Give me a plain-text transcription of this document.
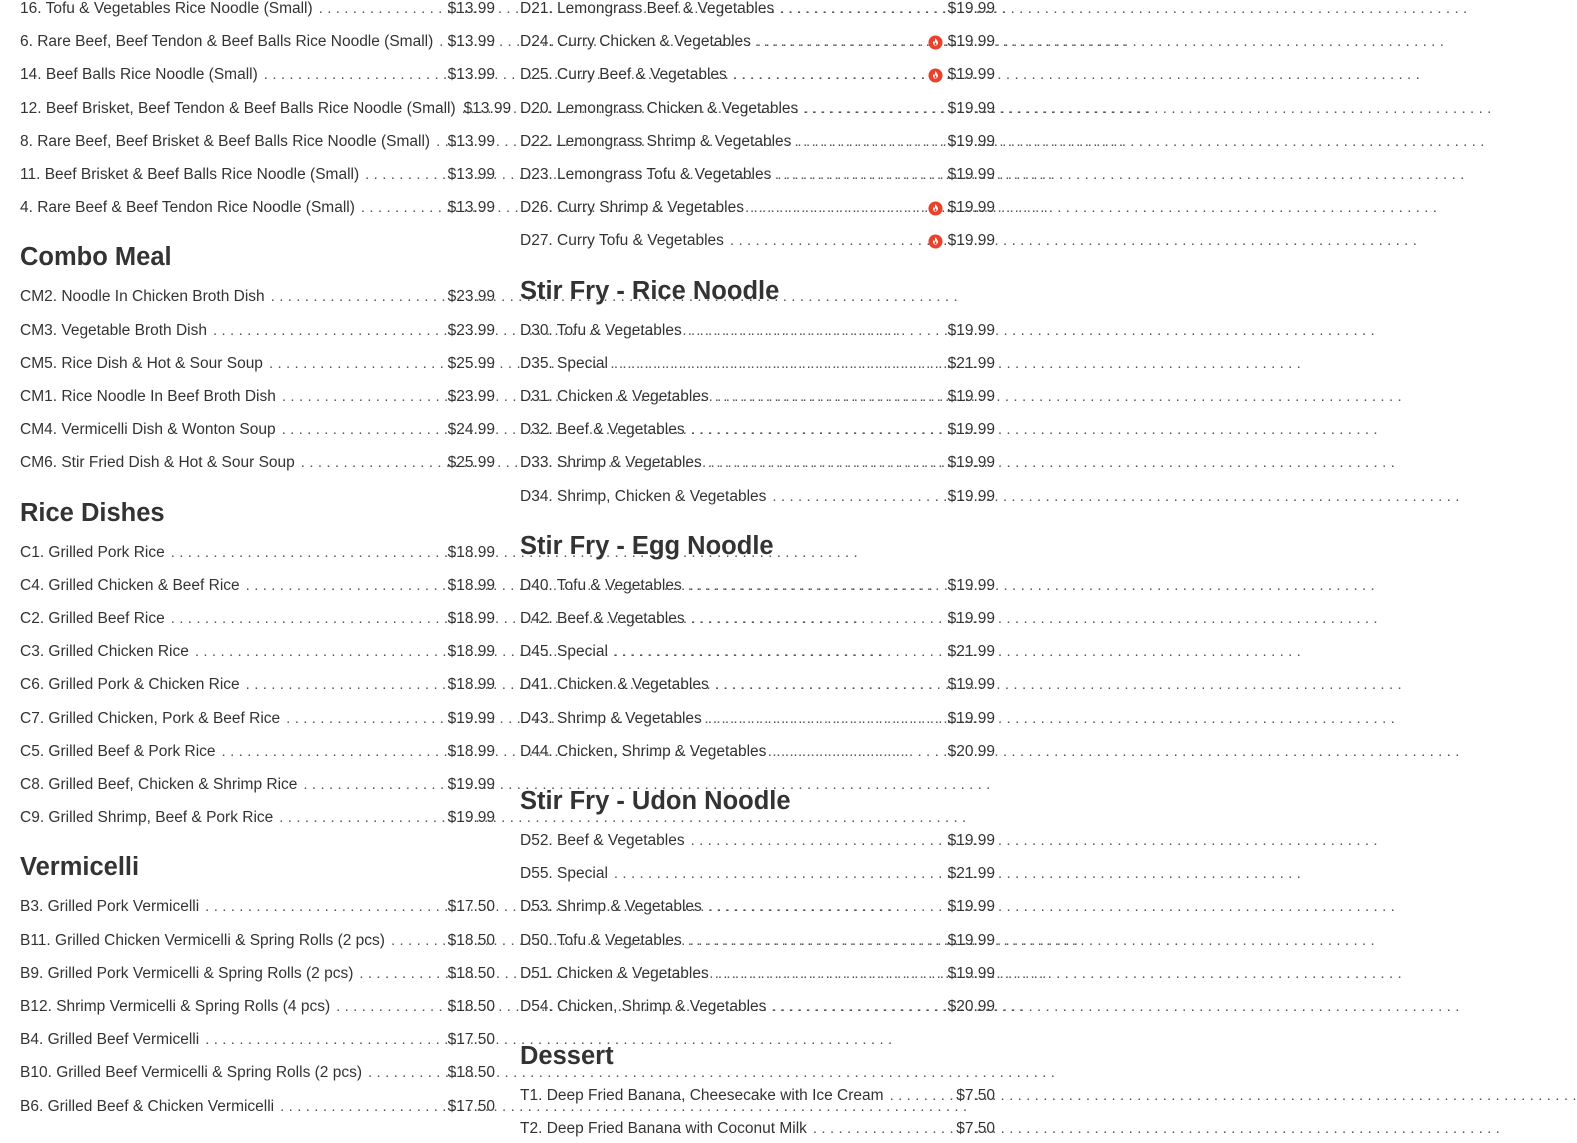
16. Tofu & Vegetables Rice Noodle (Small) . . .	$13.99
6. Rare Beef, Beef Tendon & Beef Balls Rice Noodle (Small) . . . $13.99
14. Beef Balls Rice Noodle (Small) . . .	$13.99
12. Beef Brisket, Beef Tendon & Beef Balls Rice Noodle (Small) $13.99
8. Rare Beef, Beef Brisket & Beef Balls Rice Noodle (Small) . . . $13.99
11. Beef Brisket & Beef Balls Rice Noodle (Small) . . .	$13.99
4. Rare Beef & Beef Tendon Rice Noodle (Small) . . .	$13.99
Combo Meal
CM2. Noodle In Chicken Broth Dish . . .	$23.99
CM3. Vegetable Broth Dish . . .	$23.99
CM5. Rice Dish & Hot & Sour Soup . . .	$25.99
CM1. Rice Noodle In Beef Broth Dish . . .	$23.99
CM4. Vermicelli Dish & Wonton Soup . . .	$24.99
CM6. Stir Fried Dish & Hot & Sour Soup . . .	$25.99
Rice Dishes
C1. Grilled Pork Rice . . .	$18.99
C4. Grilled Chicken & Beef Rice . . .	$18.99
C2. Grilled Beef Rice . . .	$18.99
C3. Grilled Chicken Rice . . .	$18.99
C6. Grilled Pork & Chicken Rice . . .	$18.99
C7. Grilled Chicken, Pork & Beef Rice . . .	$19.99
C5. Grilled Beef & Pork Rice . . .	$18.99
C8. Grilled Beef, Chicken & Shrimp Rice . . .	$19.99
C9. Grilled Shrimp, Beef & Pork Rice . . .	$19.99
Vermicelli
B3. Grilled Pork Vermicelli . . .	$17.50
B11. Grilled Chicken Vermicelli & Spring Rolls (2 pcs) . . .	$18.50
B9. Grilled Pork Vermicelli & Spring Rolls (2 pcs) . . .	$18.50
B12. Shrimp Vermicelli & Spring Rolls (4 pcs) . . .	$18.50
B4. Grilled Beef Vermicelli . . .	$17.50
B10. Grilled Beef Vermicelli & Spring Rolls (2 pcs) . . .	$18.50
B6. Grilled Beef & Chicken Vermicelli . . .	$17.50
D21. Lemongrass Beef & Vegetables . . .	$19.99
D24. Curry Chicken & Vegetables . . .	$19.99
D25. Curry Beef & Vegetables . . .	$19.99
D20. Lemongrass Chicken & Vegetables . . .	$19.99
D22. Lemongrass Shrimp & Vegetables . . .	$19.99
D23. Lemongrass Tofu & Vegetables . . .	$19.99
D26. Curry Shrimp & Vegetables . . .	$19.99
D27. Curry Tofu & Vegetables . . .	$19.99
Stir Fry - Rice Noodle
D30. Tofu & Vegetables . . .	$19.99
D35. Special . . .	$21.99
D31. Chicken & Vegetables . . .	$19.99
D32. Beef & Vegetables . . .	$19.99
D33. Shrimp & Vegetables . . .	$19.99
D34. Shrimp, Chicken & Vegetables . . .	$19.99
Stir Fry - Egg Noodle
D40. Tofu & Vegetables . . .	$19.99
D42. Beef & Vegetables . . .	$19.99
D45. Special . . .	$21.99
D41. Chicken & Vegetables . . .	$19.99
D43. Shrimp & Vegetables . . .	$19.99
D44. Chicken, Shrimp & Vegetables . . .	$20.99
Stir Fry - Udon Noodle
D52. Beef & Vegetables . . .	$19.99
D55. Special . . .	$21.99
D53. Shrimp & Vegetables . . .	$19.99
D50. Tofu & Vegetables . . .	$19.99
D51. Chicken & Vegetables . . .	$19.99
D54. Chicken, Shrimp & Vegetables . . .	$20.99
Dessert
T1. Deep Fried Banana, Cheesecake with Ice Cream . . .	$7.50
T2. Deep Fried Banana with Coconut Milk . . .	$7.50
